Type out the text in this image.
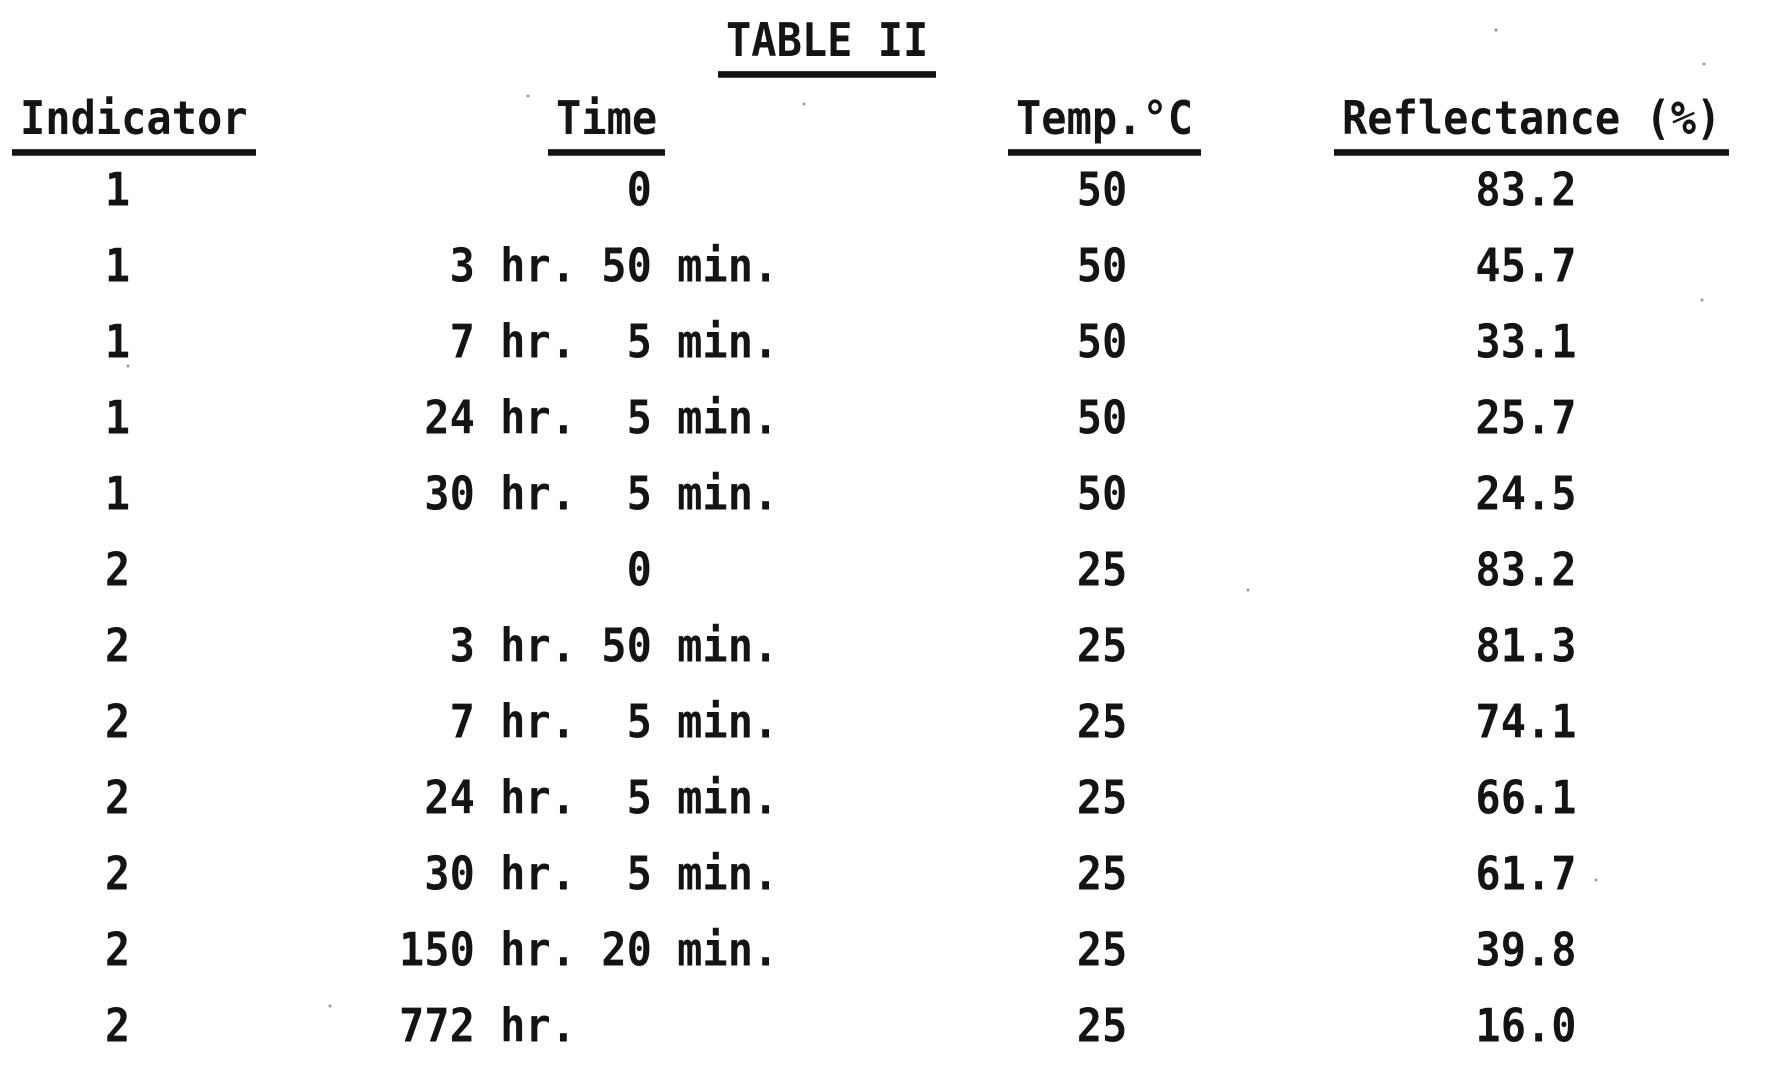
TABLE II
Indicator	Time	Temp.°C	Reflectance (%)
1	0	50	83.2
1	3 hr. 50 min.	50	45.7
1	7 hr.  5 min.	50	33.1
1	24 hr.  5 min.	50	25.7
1	30 hr.  5 min.	50	24.5
2	0	25	83.2
2	3 hr. 50 min.	25	81.3
2	7 hr.  5 min.	25	74.1
2	24 hr.  5 min.	25	66.1
2	30 hr.  5 min.	25	61.7
2	150 hr. 20 min.	25	39.8
2	772 hr.	25	16.0
